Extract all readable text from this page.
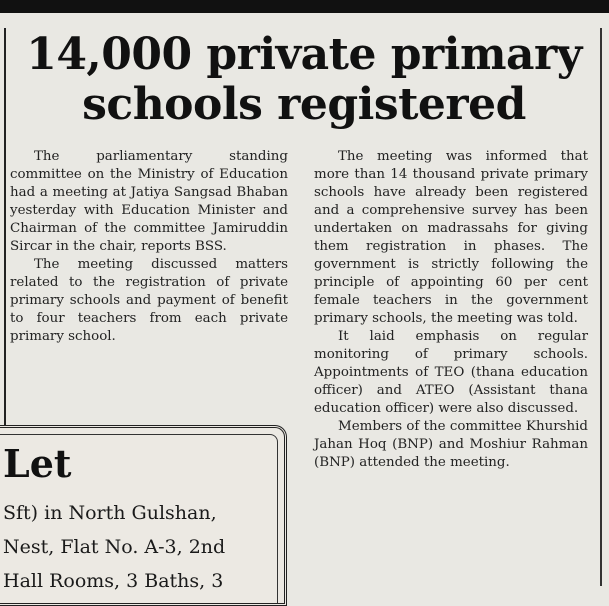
14,000 private primary
schools registered

The parliamentary standing committee on the Ministry of Education had a meeting at Jatiya Sangsad Bhaban yesterday with Education Minister and Chairman of the committee Jamiruddin Sircar in the chair, reports BSS.

The meeting discussed matters related to the registration of private primary schools and payment of benefit to four teachers from each private primary school.

The meeting was informed that more than 14 thousand private primary schools have already been registered and a comprehensive survey has been undertaken on madrassahs for giving them registration in phases. The government is strictly following the principle of appointing 60 per cent female teachers in the government primary schools, the meeting was told.

It laid emphasis on regular monitoring of primary schools. Appointments of TEO (thana education officer) and ATEO (Assistant thana education officer) were also discussed.

Members of the committee Khurshid Jahan Hoq (BNP) and Moshiur Rahman (BNP) attended the meeting.

Let
Sft) in North Gulshan,
Nest, Flat No. A-3, 2nd
Hall Rooms, 3 Baths, 3
